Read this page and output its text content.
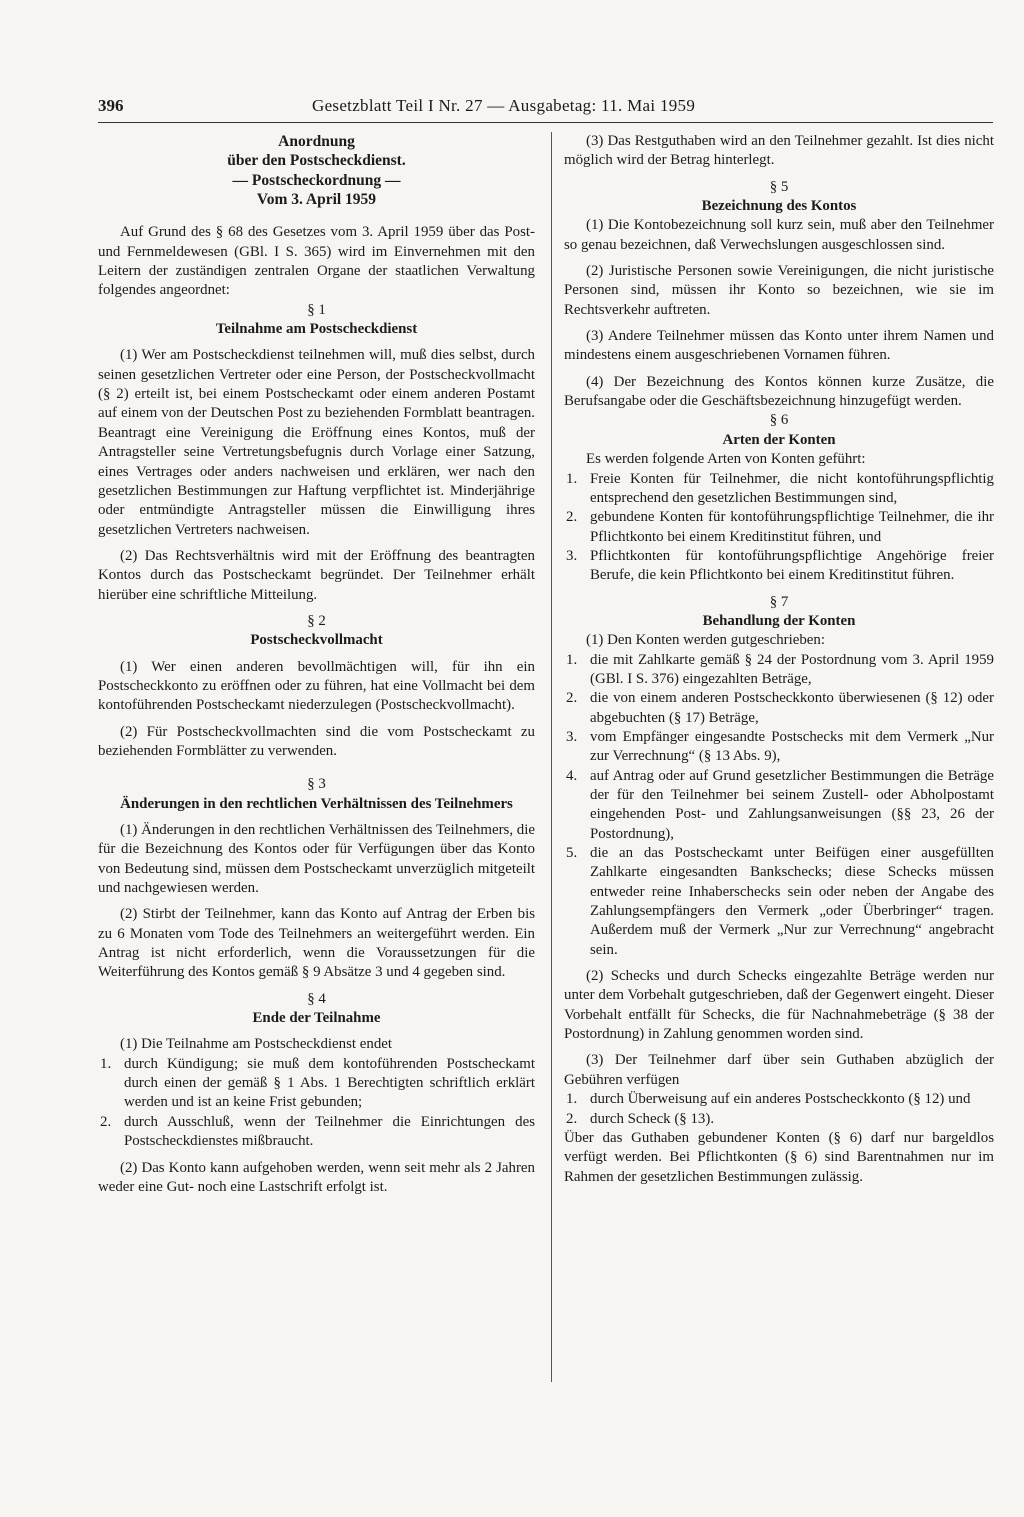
396	Gesetzblatt Teil I Nr. 27 — Ausgabetag: 11. Mai 1959

Anordnung

über den Postscheckdienst.

— Postscheckordnung —

Vom 3. April 1959

Auf Grund des § 68 des Gesetzes vom 3. April 1959 über das Post- und Fernmeldewesen (GBl. I S. 365) wird im Einvernehmen mit den Leitern der zuständigen zentralen Organe der staatlichen Verwaltung folgendes angeordnet:

§ 1

Teilnahme am Postscheckdienst

(1) Wer am Postscheckdienst teilnehmen will, muß dies selbst, durch seinen gesetzlichen Vertreter oder eine Person, der Postscheckvollmacht (§ 2) erteilt ist, bei einem Postscheckamt oder einem anderen Postamt auf einem von der Deutschen Post zu beziehenden Formblatt beantragen. Beantragt eine Vereinigung die Eröffnung eines Kontos, muß der Antragsteller seine Vertretungsbefugnis durch Vorlage einer Satzung, eines Vertrages oder anders nachweisen und erklären, wer nach den gesetzlichen Bestimmungen zur Haftung verpflichtet ist. Minderjährige oder entmündigte Antragsteller müssen die Einwilligung ihres gesetzlichen Vertreters nachweisen.

(2) Das Rechtsverhältnis wird mit der Eröffnung des beantragten Kontos durch das Postscheckamt begründet. Der Teilnehmer erhält hierüber eine schriftliche Mitteilung.

§ 2

Postscheckvollmacht

(1) Wer einen anderen bevollmächtigen will, für ihn ein Postscheckkonto zu eröffnen oder zu führen, hat eine Vollmacht bei dem kontoführenden Postscheckamt niederzulegen (Postscheckvollmacht).

(2) Für Postscheckvollmachten sind die vom Postscheckamt zu beziehenden Formblätter zu verwenden.

§ 3

Änderungen in den rechtlichen Verhältnissen des Teilnehmers

(1) Änderungen in den rechtlichen Verhältnissen des Teilnehmers, die für die Bezeichnung des Kontos oder für Verfügungen über das Konto von Bedeutung sind, müssen dem Postscheckamt unverzüglich mitgeteilt und nachgewiesen werden.

(2) Stirbt der Teilnehmer, kann das Konto auf Antrag der Erben bis zu 6 Monaten vom Tode des Teilnehmers an weitergeführt werden. Ein Antrag ist nicht erforderlich, wenn die Voraussetzungen für die Weiterführung des Kontos gemäß § 9 Absätze 3 und 4 gegeben sind.

§ 4

Ende der Teilnahme

(1) Die Teilnahme am Postscheckdienst endet

1. durch Kündigung; sie muß dem kontoführenden Postscheckamt durch einen der gemäß § 1 Abs. 1 Berechtigten schriftlich erklärt werden und ist an keine Frist gebunden;
2. durch Ausschluß, wenn der Teilnehmer die Einrichtungen des Postscheckdienstes mißbraucht.

(2) Das Konto kann aufgehoben werden, wenn seit mehr als 2 Jahren weder eine Gut- noch eine Lastschrift erfolgt ist.

(3) Das Restguthaben wird an den Teilnehmer gezahlt. Ist dies nicht möglich wird der Betrag hinterlegt.

§ 5

Bezeichnung des Kontos

(1) Die Kontobezeichnung soll kurz sein, muß aber den Teilnehmer so genau bezeichnen, daß Verwechslungen ausgeschlossen sind.

(2) Juristische Personen sowie Vereinigungen, die nicht juristische Personen sind, müssen ihr Konto so bezeichnen, wie sie im Rechtsverkehr auftreten.

(3) Andere Teilnehmer müssen das Konto unter ihrem Namen und mindestens einem ausgeschriebenen Vornamen führen.

(4) Der Bezeichnung des Kontos können kurze Zusätze, die Berufsangabe oder die Geschäftsbezeichnung hinzugefügt werden.

§ 6

Arten der Konten

Es werden folgende Arten von Konten geführt:

1. Freie Konten für Teilnehmer, die nicht kontoführungspflichtig entsprechend den gesetzlichen Bestimmungen sind,
2. gebundene Konten für kontoführungspflichtige Teilnehmer, die ihr Pflichtkonto bei einem Kreditinstitut führen, und
3. Pflichtkonten für kontoführungspflichtige Angehörige freier Berufe, die kein Pflichtkonto bei einem Kreditinstitut führen.

§ 7

Behandlung der Konten

(1) Den Konten werden gutgeschrieben:

1. die mit Zahlkarte gemäß § 24 der Postordnung vom 3. April 1959 (GBl. I S. 376) eingezahlten Beträge,
2. die von einem anderen Postscheckkonto überwiesenen (§ 12) oder abgebuchten (§ 17) Beträge,
3. vom Empfänger eingesandte Postschecks mit dem Vermerk „Nur zur Verrechnung“ (§ 13 Abs. 9),
4. auf Antrag oder auf Grund gesetzlicher Bestimmungen die Beträge der für den Teilnehmer bei seinem Zustell- oder Abholpostamt eingehenden Post- und Zahlungsanweisungen (§§ 23, 26 der Postordnung),
5. die an das Postscheckamt unter Beifügen einer ausgefüllten Zahlkarte eingesandten Bankschecks; diese Schecks müssen entweder reine Inhaberschecks sein oder neben der Angabe des Zahlungsempfängers den Vermerk „oder Überbringer“ tragen. Außerdem muß der Vermerk „Nur zur Verrechnung“ angebracht sein.

(2) Schecks und durch Schecks eingezahlte Beträge werden nur unter dem Vorbehalt gutgeschrieben, daß der Gegenwert eingeht. Dieser Vorbehalt entfällt für Schecks, die für Nachnahmebeträge (§ 38 der Postordnung) in Zahlung genommen worden sind.

(3) Der Teilnehmer darf über sein Guthaben abzüglich der Gebühren verfügen

1. durch Überweisung auf ein anderes Postscheckkonto (§ 12) und
2. durch Scheck (§ 13).

Über das Guthaben gebundener Konten (§ 6) darf nur bargeldlos verfügt werden. Bei Pflichtkonten (§ 6) sind Barentnahmen nur im Rahmen der gesetzlichen Bestimmungen zulässig.
